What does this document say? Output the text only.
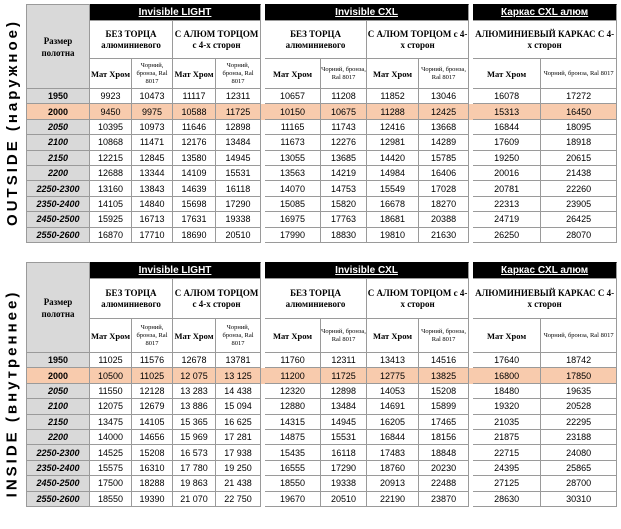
OUTSIDE (наружное)	Размер полотна	Invisible LIGHT					Invisible CXL					Каркас CXL алюм	
	БЕЗ ТОРЦА алюминиевого		С АЛЮМ ТОРЦОМ с 4-х сторон			БЕЗ ТОРЦА алюминиевого		С АЛЮМ ТОРЦОМ с 4-х сторон			АЛЮМИНИЕВЫЙ КАРКАС С 4-х сторон	
	Мат Хром	Чорний, бронза, Ral 8017	Мат Хром	Чорний, бронза, Ral 8017		Мат Хром	Чорний, бронза, Ral 8017	Мат Хром	Чорний, бронза, Ral 8017		Мат Хром	Чорний, бронза, Ral 8017
1950	9923	10473	11117	12311		10657	11208	11852	13046		16078	17272
2000	9450	9975	10588	11725		10150	10675	11288	12425		15313	16450
2050	10395	10973	11646	12898		11165	11743	12416	13668		16844	18095
2100	10868	11471	12176	13484		11673	12276	12981	14289		17609	18918
2150	12215	12845	13580	14945		13055	13685	14420	15785		19250	20615
2200	12688	13344	14109	15531		13563	14219	14984	16406		20016	21438
2250-2300	13160	13843	14639	16118		14070	14753	15549	17028		20781	22260
2350-2400	14105	14840	15698	17290		15085	15820	16678	18270		22313	23905
2450-2500	15925	16713	17631	19338		16975	17763	18681	20388		24719	26425
2550-2600	16870	17710	18690	20510		17990	18830	19810	21630		26250	28070
INSIDE (внутреннее)	Размер полотна	Invisible LIGHT					Invisible CXL					Каркас CXL алюм	
	БЕЗ ТОРЦА алюминиевого		С АЛЮМ ТОРЦОМ с 4-х сторон			БЕЗ ТОРЦА алюминиевого		С АЛЮМ ТОРЦОМ с 4-х сторон			АЛЮМИНИЕВЫЙ КАРКАС С 4-х сторон	
	Мат Хром	Чорний, бронза, Ral 8017	Мат Хром	Чорний, бронза, Ral 8017		Мат Хром	Чорний, бронза, Ral 8017	Мат Хром	Чорний, бронза, Ral 8017		Мат Хром	Чорний, бронза, Ral 8017
1950	11025	11576	12678	13781		11760	12311	13413	14516		17640	18742
2000	10500	11025	12 075	13 125		11200	11725	12775	13825		16800	17850
2050	11550	12128	13 283	14 438		12320	12898	14053	15208		18480	19635
2100	12075	12679	13 886	15 094		12880	13484	14691	15899		19320	20528
2150	13475	14105	15 365	16 625		14315	14945	16205	17465		21035	22295
2200	14000	14656	15 969	17 281		14875	15531	16844	18156		21875	23188
2250-2300	14525	15208	16 573	17 938		15435	16118	17483	18848		22715	24080
2350-2400	15575	16310	17 780	19 250		16555	17290	18760	20230		24395	25865
2450-2500	17500	18288	19 863	21 438		18550	19338	20913	22488		27125	28700
2550-2600	18550	19390	21 070	22 750		19670	20510	22190	23870		28630	30310
